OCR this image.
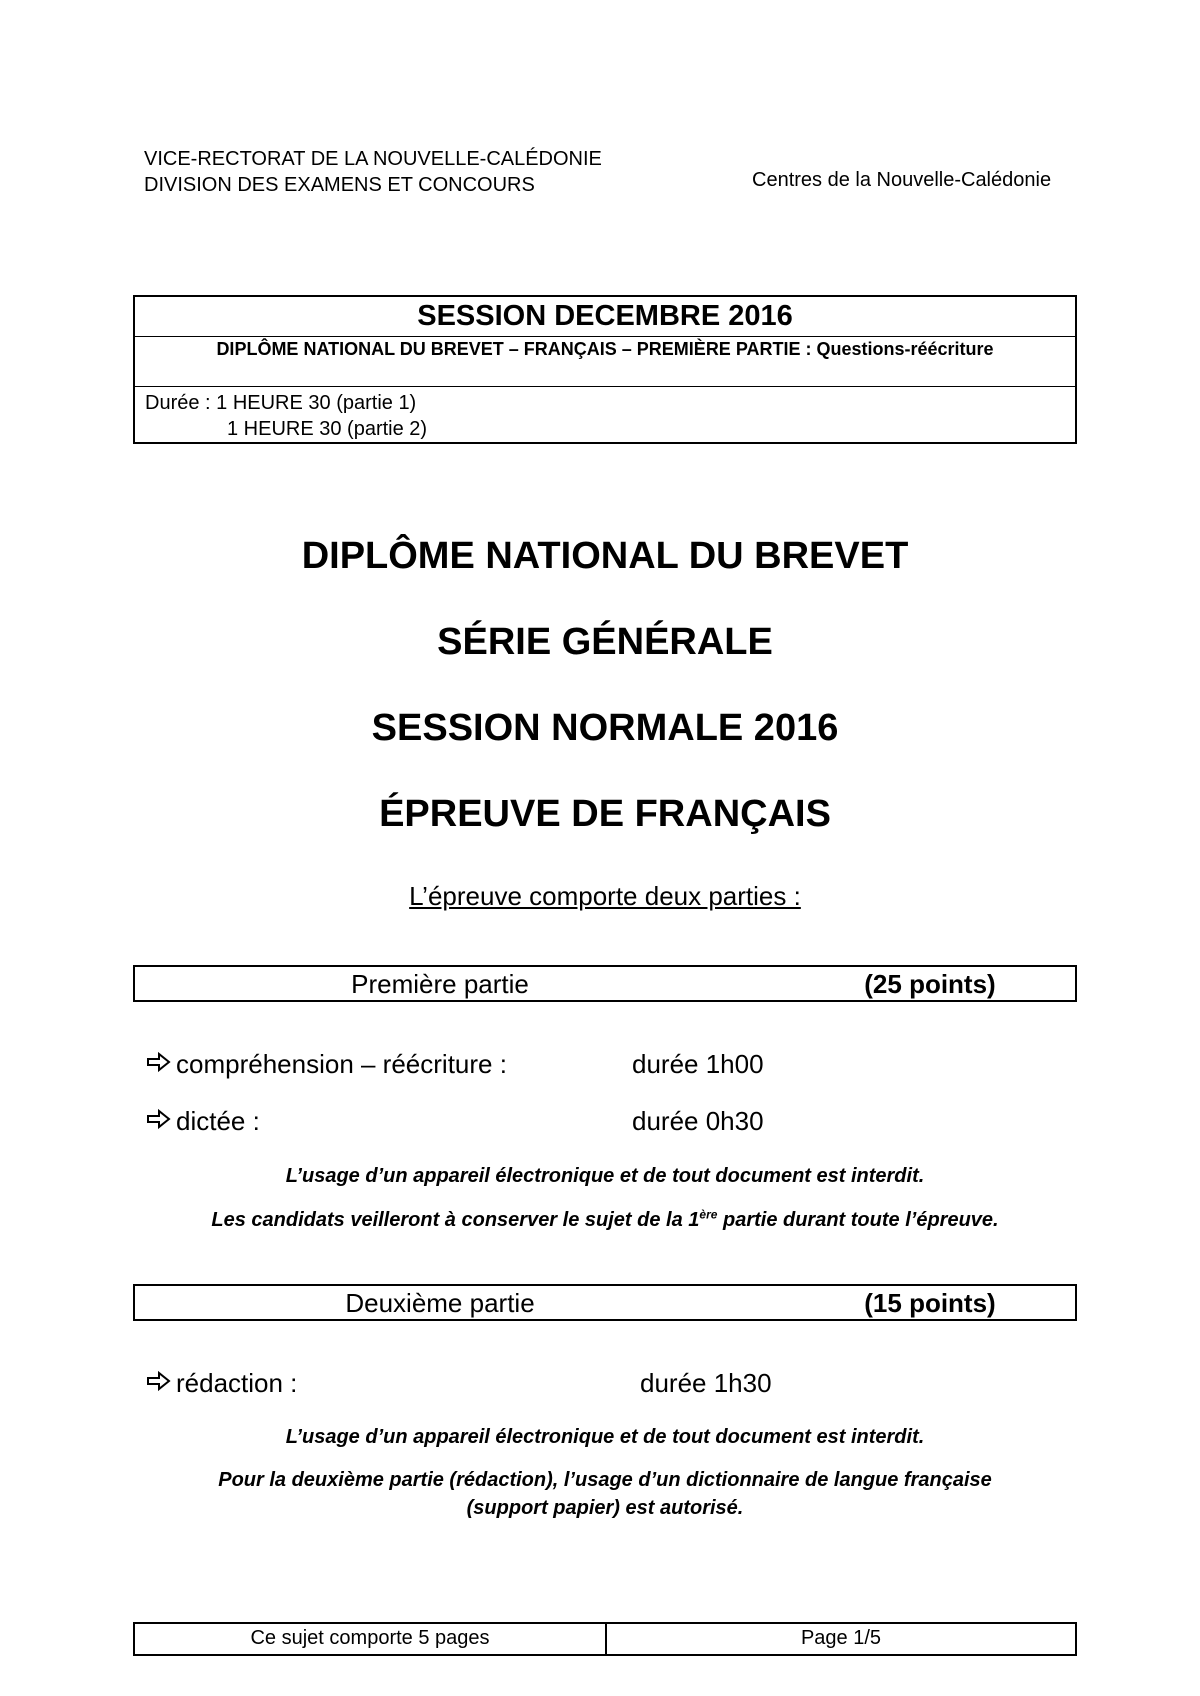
VICE-RECTORAT DE LA NOUVELLE-CALÉDONIE
DIVISION DES EXAMENS ET CONCOURS	Centres de la Nouvelle-Calédonie
SESSION DECEMBRE 2016
DIPLÔME NATIONAL DU BREVET – FRANÇAIS – PREMIÈRE PARTIE : Questions-réécriture
Durée : 1 HEURE 30 (partie 1)
1 HEURE 30 (partie 2)
DIPLÔME NATIONAL DU BREVET
SÉRIE GÉNÉRALE
SESSION NORMALE 2016
ÉPREUVE DE FRANÇAIS
L’épreuve comporte deux parties :
Première partie	(25 points)
compréhension – réécriture :	durée 1h00
dictée :	durée 0h30
L’usage d’un appareil électronique et de tout document est interdit.
Les candidats veilleront à conserver le sujet de la 1ère partie durant toute l’épreuve.
Deuxième partie	(15 points)
rédaction :	durée 1h30
L’usage d’un appareil électronique et de tout document est interdit.
Pour la deuxième partie (rédaction), l’usage d’un dictionnaire de langue française
(support papier) est autorisé.
Ce sujet comporte 5 pages	Page 1/5
